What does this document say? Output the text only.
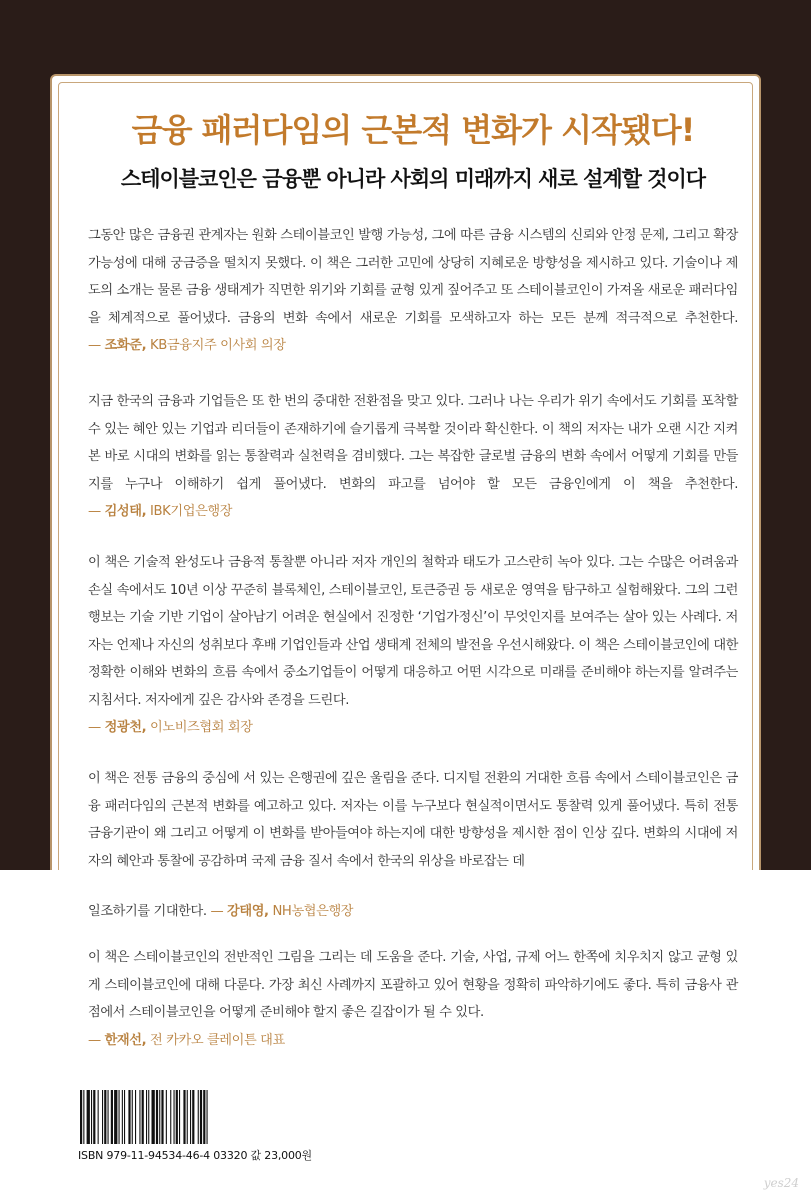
금융 패러다임의 근본적 변화가 시작됐다!
스테이블코인은 금융뿐 아니라 사회의 미래까지 새로 설계할 것이다
그동안 많은 금융권 관계자는 원화 스테이블코인 발행 가능성, 그에 따른 금융 시스템의 신뢰와 안정 문제, 그리고 확장 가능성에 대해 궁금증을 떨치지 못했다. 이 책은 그러한 고민에 상당히 지혜로운 방향성을 제시하고 있다. 기술이나 제도의 소개는 물론 금융 생태계가 직면한 위기와 기회를 균형 있게 짚어주고 또 스테이블코인이 가져올 새로운 패러다임을 체계적으로 풀어냈다. 금융의 변화 속에서 새로운 기회를 모색하고자 하는 모든 분께 적극적으로 추천한다. — 조화준, KB금융지주 이사회 의장
지금 한국의 금융과 기업들은 또 한 번의 중대한 전환점을 맞고 있다. 그러나 나는 우리가 위기 속에서도 기회를 포착할 수 있는 혜안 있는 기업과 리더들이 존재하기에 슬기롭게 극복할 것이라 확신한다. 이 책의 저자는 내가 오랜 시간 지켜본 바로 시대의 변화를 읽는 통찰력과 실천력을 겸비했다. 그는 복잡한 글로벌 금융의 변화 속에서 어떻게 기회를 만들지를 누구나 이해하기 쉽게 풀어냈다. 변화의 파고를 넘어야 할 모든 금융인에게 이 책을 추천한다. — 김성태, IBK기업은행장
이 책은 기술적 완성도나 금융적 통찰뿐 아니라 저자 개인의 철학과 태도가 고스란히 녹아 있다. 그는 수많은 어려움과 손실 속에서도 10년 이상 꾸준히 블록체인, 스테이블코인, 토큰증권 등 새로운 영역을 탐구하고 실험해왔다. 그의 그런 행보는 기술 기반 기업이 살아남기 어려운 현실에서 진정한 ‘기업가정신’이 무엇인지를 보여주는 살아 있는 사례다. 저자는 언제나 자신의 성취보다 후배 기업인들과 산업 생태계 전체의 발전을 우선시해왔다. 이 책은 스테이블코인에 대한 정확한 이해와 변화의 흐름 속에서 중소기업들이 어떻게 대응하고 어떤 시각으로 미래를 준비해야 하는지를 알려주는 지침서다. 저자에게 깊은 감사와 존경을 드린다.
— 정광천, 이노비즈협회 회장
이 책은 전통 금융의 중심에 서 있는 은행권에 깊은 울림을 준다. 디지털 전환의 거대한 흐름 속에서 스테이블코인은 금융 패러다임의 근본적 변화를 예고하고 있다. 저자는 이를 누구보다 현실적이면서도 통찰력 있게 풀어냈다. 특히 전통 금융기관이 왜 그리고 어떻게 이 변화를 받아들여야 하는지에 대한 방향성을 제시한 점이 인상 깊다. 변화의 시대에 저자의 혜안과 통찰에 공감하며 국제 금융 질서 속에서 한국의 위상을 바로잡는 데
일조하기를 기대한다. — 강태영, NH농협은행장
이 책은 스테이블코인의 전반적인 그림을 그리는 데 도움을 준다. 기술, 사업, 규제 어느 한쪽에 치우치지 않고 균형 있게 스테이블코인에 대해 다룬다. 가장 최신 사례까지 포괄하고 있어 현황을 정확히 파악하기에도 좋다. 특히 금융사 관점에서 스테이블코인을 어떻게 준비해야 할지 좋은 길잡이가 될 수 있다.
— 한재선, 전 카카오 클레이튼 대표
ISBN 979-11-94534-46-4 03320 값 23,000원
yes24
